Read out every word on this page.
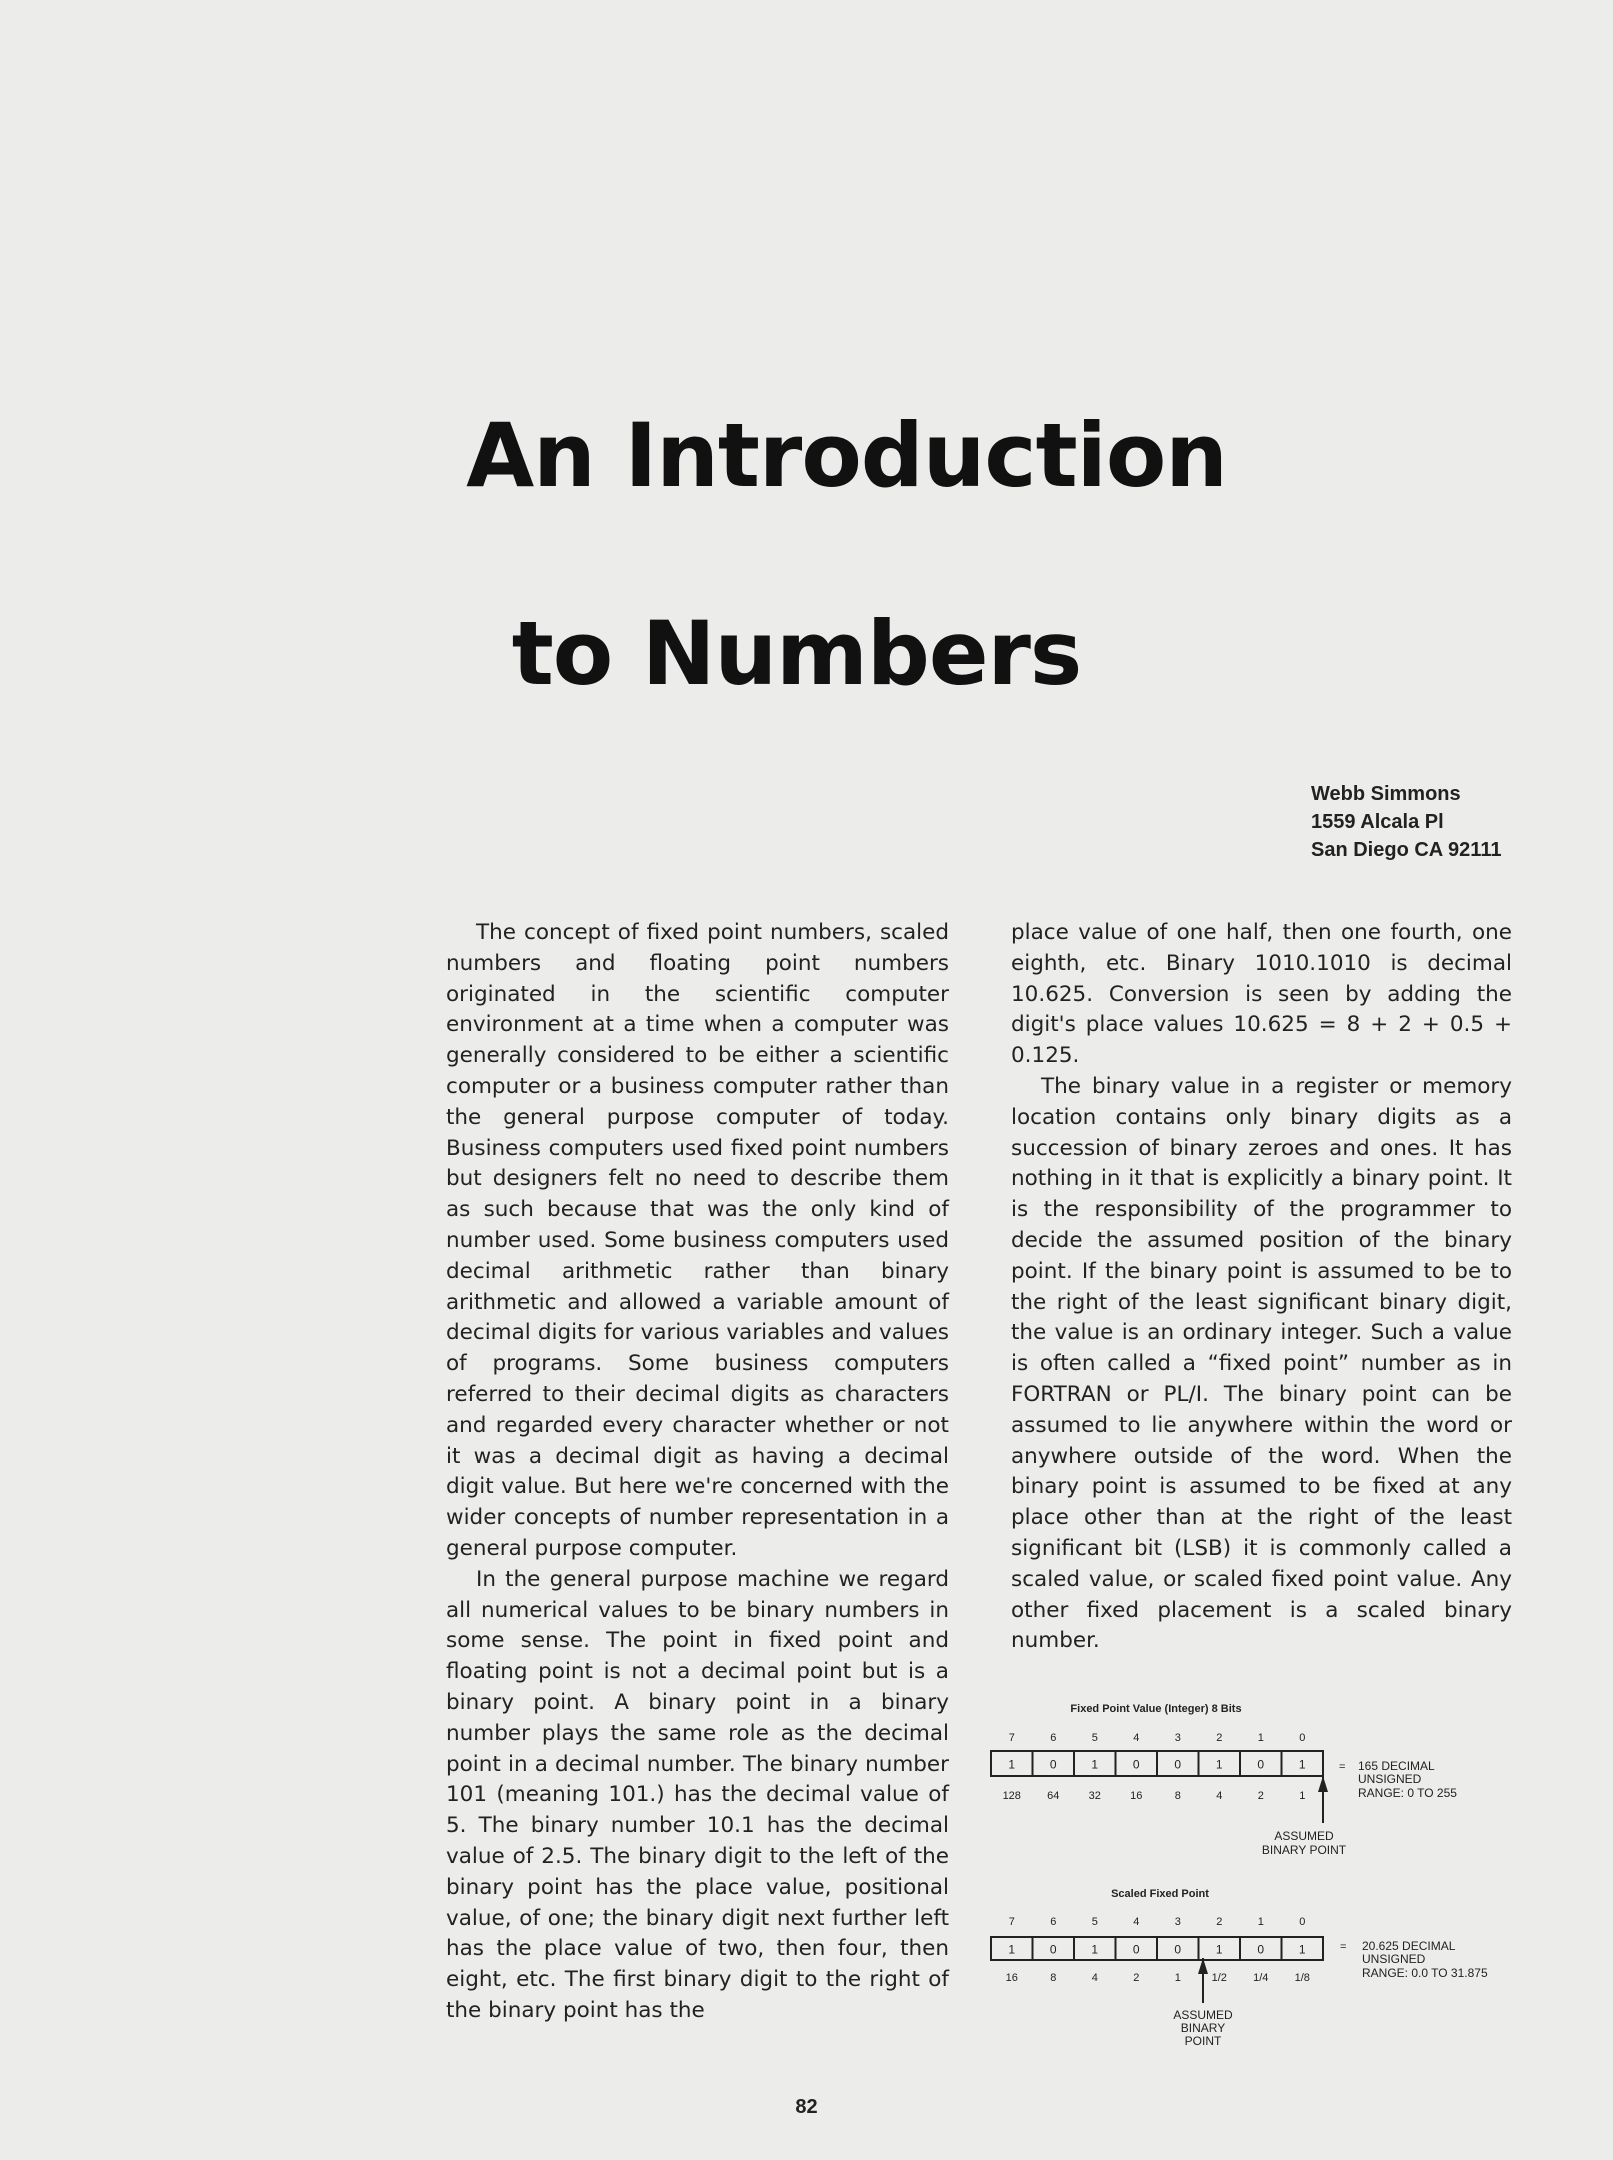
An Introduction
to Numbers
Webb Simmons
1559 Alcala Pl
San Diego CA 92111

The concept of fixed point numbers, scaled numbers and floating point numbers originated in the scientific computer environment at a time when a computer was generally considered to be either a scientific computer or a business computer rather than the general purpose computer of today. Business computers used fixed point numbers but designers felt no need to describe them as such because that was the only kind of number used. Some business computers used decimal arithmetic rather than binary arithmetic and allowed a variable amount of decimal digits for various variables and values of programs. Some business computers referred to their decimal digits as characters and regarded every character whether or not it was a decimal digit as having a decimal digit value. But here we're concerned with the wider concepts of number representation in a general purpose computer.

In the general purpose machine we regard all numerical values to be binary numbers in some sense. The point in fixed point and floating point is not a decimal point but is a binary point. A binary point in a binary number plays the same role as the decimal point in a decimal number. The binary number 101 (meaning 101.) has the decimal value of 5. The binary number 10.1 has the decimal value of 2.5. The binary digit to the left of the binary point has the place value, positional value, of one; the binary digit next further left has the place value of two, then four, then eight, etc. The first binary digit to the right of the binary point has the

place value of one half, then one fourth, one eighth, etc. Binary 1010.1010 is decimal 10.625. Conversion is seen by adding the digit's place values 10.625 = 8 + 2 + 0.5 + 0.125.

The binary value in a register or memory location contains only binary digits as a succession of binary zeroes and ones. It has nothing in it that is explicitly a binary point. It is the responsibility of the programmer to decide the assumed position of the binary point. If the binary point is assumed to be to the right of the least significant binary digit, the value is an ordinary integer. Such a value is often called a “fixed point” number as in FORTRAN or PL/I. The binary point can be assumed to lie anywhere within the word or anywhere outside of the word. When the binary point is assumed to be fixed at any place other than at the right of the least significant bit (LSB) it is commonly called a scaled value, or scaled fixed point value. Any other fixed placement is a scaled binary number.

Fixed Point Value (Integer) 8 Bits
7	6	5	4	3	2	1	0
1	0	1	0	0	1	0	1
128 64	32	16	8	4	2	1
= 165 DECIMAL
UNSIGNED
RANGE: 0 TO 255
ASSUMED
BINARY POINT
Scaled Fixed Point
7	6	5	4	3	2	1	0
1	0	1	0	0	1	0	1
16	8	4	2	1	1/2 1/4 1/8
= 20.625 DECIMAL
UNSIGNED
RANGE: 0.0 TO 31.875
ASSUMED
BINARY
POINT
82
